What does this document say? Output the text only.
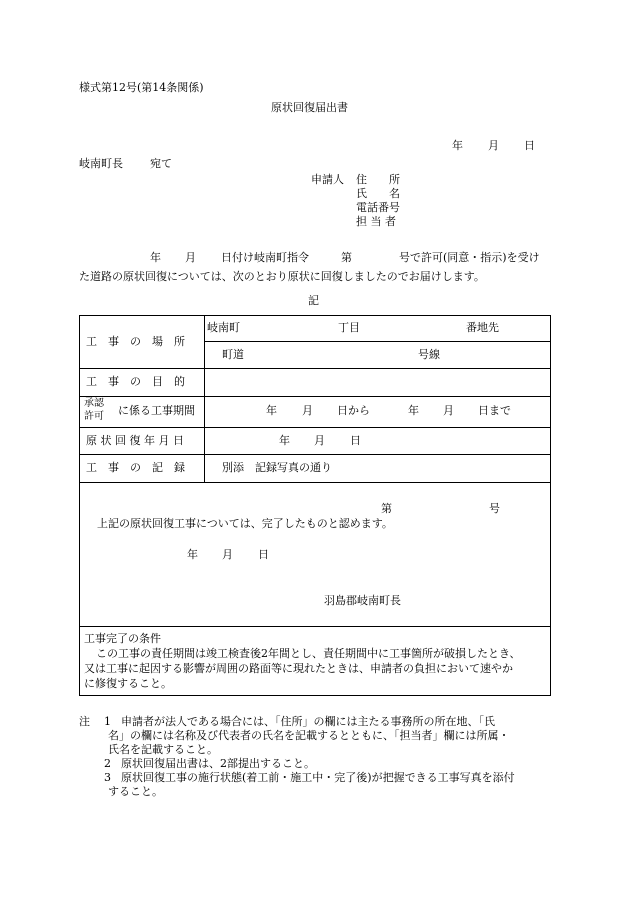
様式第12号(第14条関係)
原状回復届出書
年 月 日
岐南町長 宛て
申請人 住　　所
氏　　名
電話番号
担 当 者
年 月 日付け岐南町指令	第	号で許可(同意・指示)を受け
た道路の原状回復については、次のとおり原状に回復しましたのでお届けします。
記
工　事　の　場　所
岐南町	丁目	番地先
町道	号線
工　事　の　目　的
承認
許可 に係る工事期間	年 月 日から	年 月 日まで
原 状 回 復 年 月 日	年 月 日
工　事　の　記　録	別添　記録写真の通り
第	号
上記の原状回復工事については、完了したものと認めます。
年 月 日
羽島郡岐南町長
工事完了の条件
この工事の責任期間は竣工検査後2年間とし、責任期間中に工事箇所が破損したとき、
又は工事に起因する影響が周囲の路面等に現れたときは、申請者の負担において速やか
に修復すること。
注 1 申請者が法人である場合には、「住所」の欄には主たる事務所の所在地、「氏
名」の欄には名称及び代表者の氏名を記載するとともに、「担当者」欄には所属・
氏名を記載すること。
2 原状回復届出書は、2部提出すること。
3 原状回復工事の施行状態(着工前・施工中・完了後)が把握できる工事写真を添付
すること。
